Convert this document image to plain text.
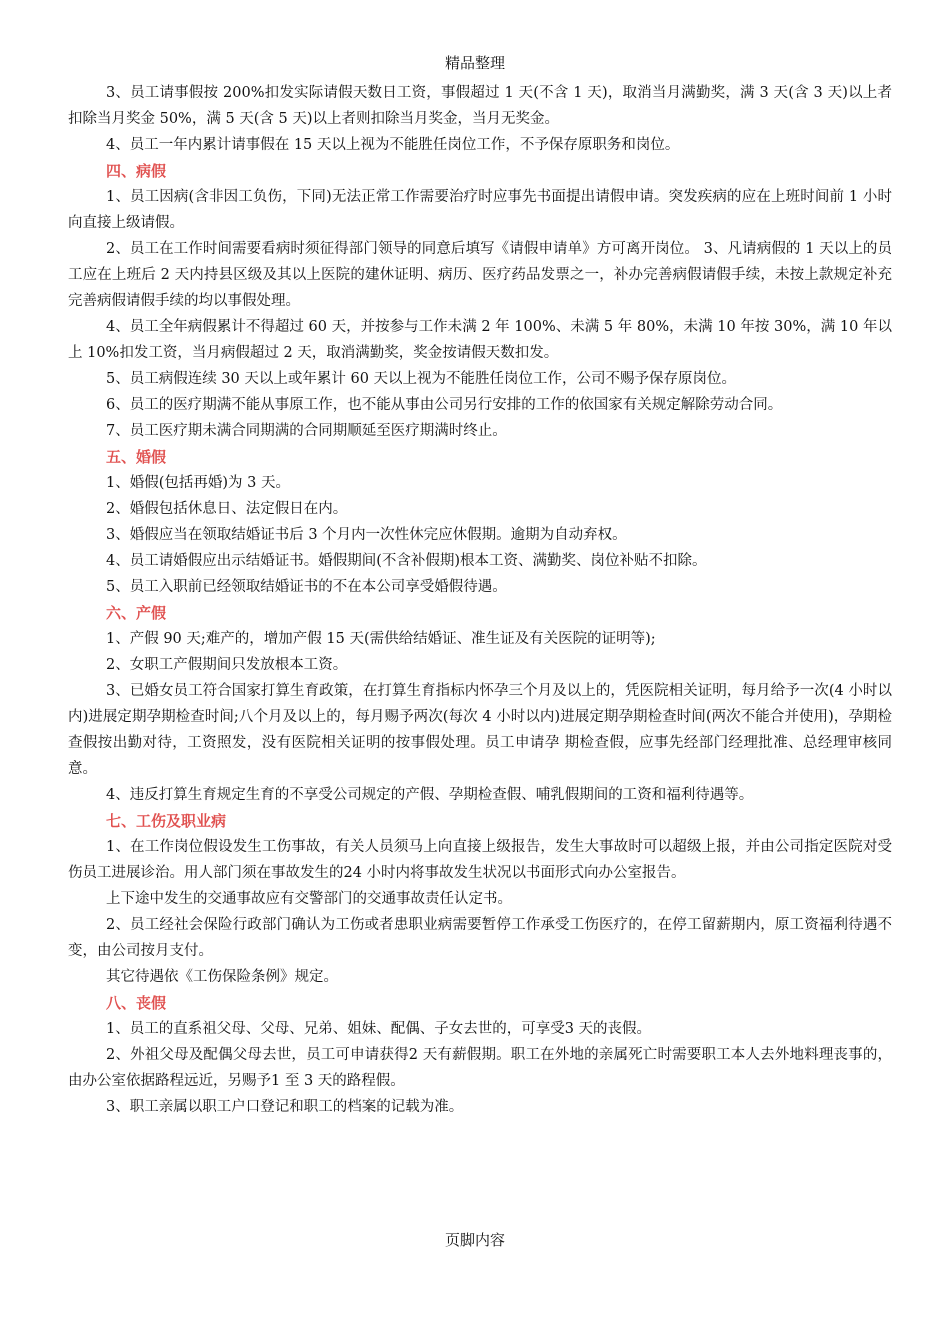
精品整理

3、员工请事假按 200%扣发实际请假天数日工资，事假超过 1 天(不含 1 天)，取消当月满勤奖，满 3 天(含 3 天)以上者扣除当月奖金 50%，满 5 天(含 5 天)以上者则扣除当月奖金，当月无奖金。

4、员工一年内累计请事假在 15 天以上视为不能胜任岗位工作，不予保存原职务和岗位。

四、病假

1、员工因病(含非因工负伤，下同)无法正常工作需要治疗时应事先书面提出请假申请。突发疾病的应在上班时间前 1 小时向直接上级请假。

2、员工在工作时间需要看病时须征得部门领导的同意后填写《请假申请单》方可离开岗位。 3、凡请病假的 1 天以上的员工应在上班后 2 天内持县区级及其以上医院的建休证明、病历、医疗药品发票之一，补办完善病假请假手续，未按上款规定补充完善病假请假手续的均以事假处理。

4、员工全年病假累计不得超过 60 天，并按参与工作未满 2 年 100%、未满 5 年 80%，未满 10 年按 30%，满 10 年以上 10%扣发工资，当月病假超过 2 天，取消满勤奖，奖金按请假天数扣发。

5、员工病假连续 30 天以上或年累计 60 天以上视为不能胜任岗位工作，公司不赐予保存原岗位。

6、员工的医疗期满不能从事原工作，也不能从事由公司另行安排的工作的依国家有关规定解除劳动合同。

7、员工医疗期未满合同期满的合同期顺延至医疗期满时终止。

五、婚假

1、婚假(包括再婚)为 3 天。

2、婚假包括休息日、法定假日在内。

3、婚假应当在领取结婚证书后 3 个月内一次性休完应休假期。逾期为自动弃权。

4、员工请婚假应出示结婚证书。婚假期间(不含补假期)根本工资、满勤奖、岗位补贴不扣除。

5、员工入职前已经领取结婚证书的不在本公司享受婚假待遇。

六、产假

1、产假 90 天;难产的，增加产假 15 天(需供给结婚证、准生证及有关医院的证明等);

2、女职工产假期间只发放根本工资。

3、已婚女员工符合国家打算生育政策，在打算生育指标内怀孕三个月及以上的，凭医院相关证明，每月给予一次(4 小时以内)进展定期孕期检查时间;八个月及以上的，每月赐予两次(每次 4 小时以内)进展定期孕期检查时间(两次不能合并使用)，孕期检查假按出勤对待，工资照发，没有医院相关证明的按事假处理。员工申请孕 期检查假，应事先经部门经理批准、总经理审核同意。

4、违反打算生育规定生育的不享受公司规定的产假、孕期检查假、哺乳假期间的工资和福利待遇等。

七、工伤及职业病

1、在工作岗位假设发生工伤事故，有关人员须马上向直接上级报告，发生大事故时可以超级上报，并由公司指定医院对受伤员工进展诊治。用人部门须在事故发生的24 小时内将事故发生状况以书面形式向办公室报告。

上下途中发生的交通事故应有交警部门的交通事故责任认定书。

2、员工经社会保险行政部门确认为工伤或者患职业病需要暂停工作承受工伤医疗的，在停工留薪期内，原工资福利待遇不变，由公司按月支付。

其它待遇依《工伤保险条例》规定。

八、丧假

1、员工的直系祖父母、父母、兄弟、姐妹、配偶、子女去世的，可享受3 天的丧假。

2、外祖父母及配偶父母去世，员工可申请获得2 天有薪假期。职工在外地的亲属死亡时需要职工本人去外地料理丧事的，由办公室依据路程远近，另赐予1 至 3 天的路程假。

3、职工亲属以职工户口登记和职工的档案的记载为准。

页脚内容
